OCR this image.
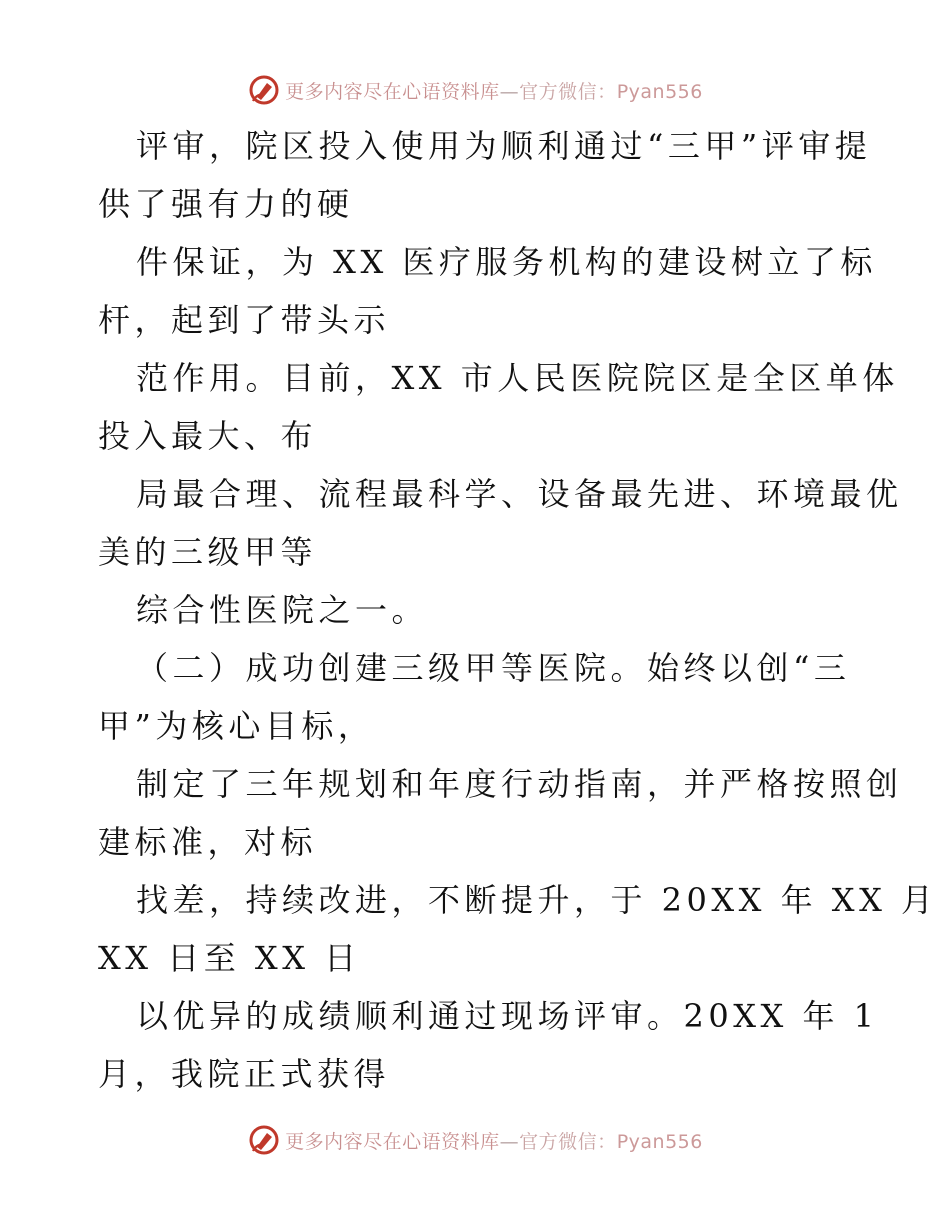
更多内容尽在心语资料库—官方微信：Pyan556
评审，院区投入使用为顺利通过“三甲”评审提
供了强有力的硬
件保证，为 XX 医疗服务机构的建设树立了标
杆，起到了带头示
范作用。目前，XX 市人民医院院区是全区单体
投入最大、布
局最合理、流程最科学、设备最先进、环境最优
美的三级甲等
综合性医院之一。
（二）成功创建三级甲等医院。始终以创“三
甲”为核心目标，
制定了三年规划和年度行动指南，并严格按照创
建标准，对标
找差，持续改进，不断提升，于 20XX 年 XX 月
XX 日至 XX 日
以优异的成绩顺利通过现场评审。20XX 年 1
月，我院正式获得
更多内容尽在心语资料库—官方微信：Pyan556
